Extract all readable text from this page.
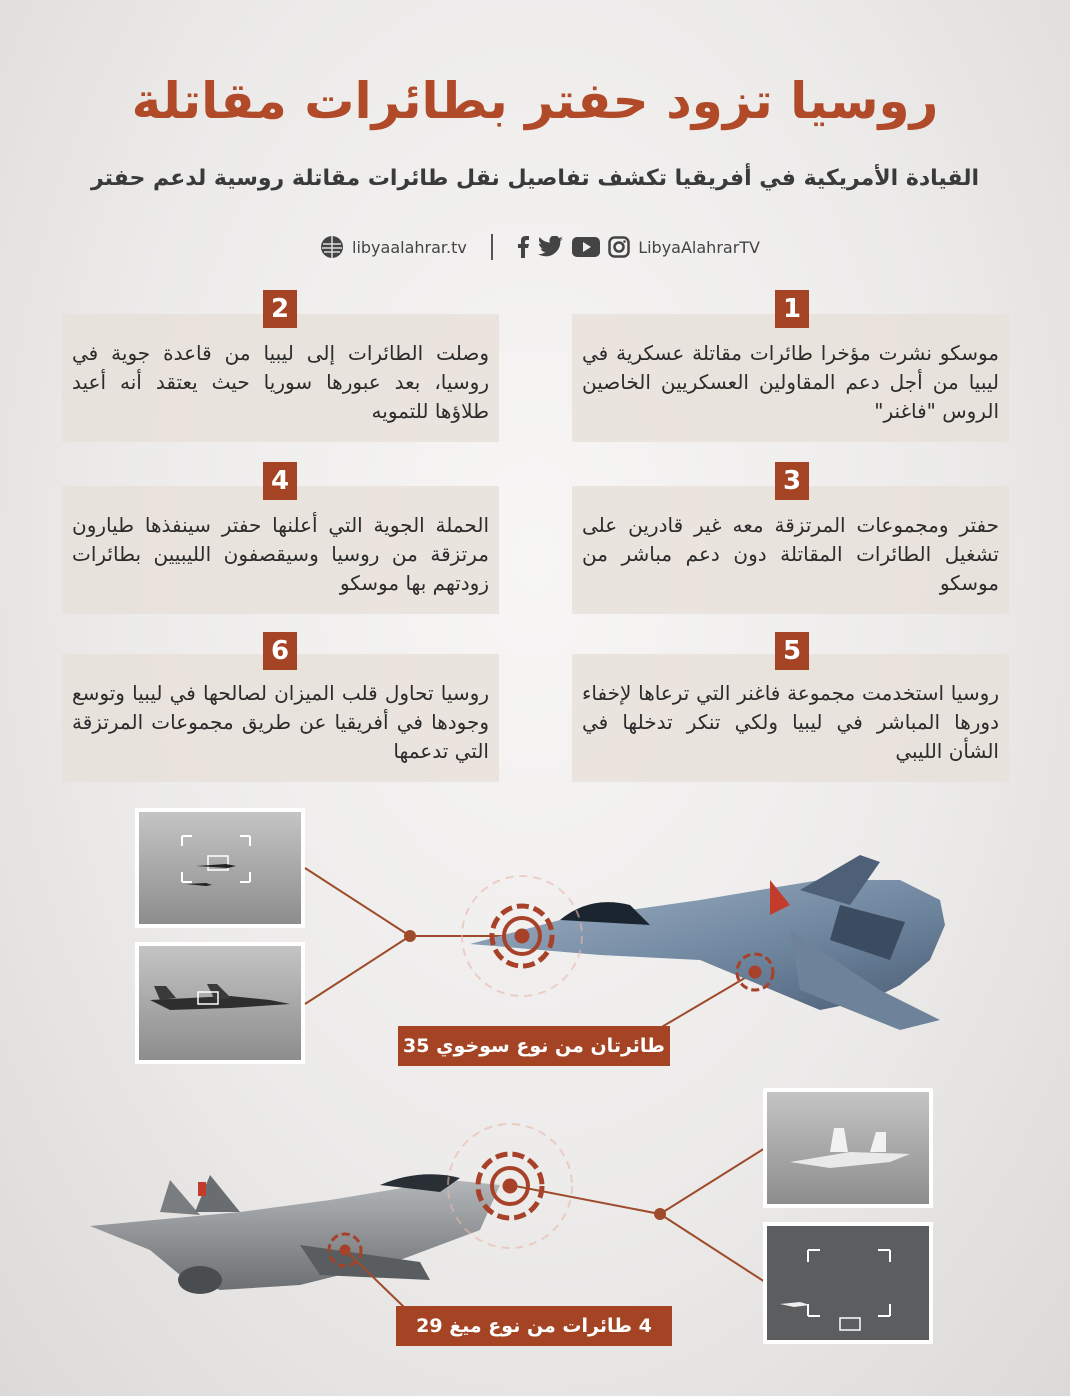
روسيا تزود حفتر بطائرات مقاتلة
القيادة الأمريكية في أفريقيا تكشف تفاصيل نقل طائرات مقاتلة روسية لدعم حفتر
libyaalahrar.tv	LibyaAlahrarTV
موسكو نشرت مؤخرا طائرات مقاتلة عسكرية في ليبيا من أجل دعم المقاولين العسكريين الخاصين الروس "فاغنر"
1
وصلت الطائرات إلى ليبيا من قاعدة جوية في روسيا، بعد عبورها سوريا حيث يعتقد أنه أعيد طلاؤها للتمويه
2
حفتر ومجموعات المرتزقة معه غير قادرين على تشغيل الطائرات المقاتلة دون دعم مباشر من موسكو
3
الحملة الجوية التي أعلنها حفتر سينفذها طيارون مرتزقة من روسيا وسيقصفون الليبيين بطائرات زودتهم بها موسكو
4
روسيا استخدمت مجموعة فاغنر التي ترعاها لإخفاء دورها المباشر في ليبيا ولكي تنكر تدخلها في الشأن الليبي
5
روسيا تحاول قلب الميزان لصالحها في ليبيا وتوسع وجودها في أفريقيا عن طريق مجموعات المرتزقة التي تدعمها
6
طائرتان من نوع سوخوي 35
4 طائرات من نوع ميغ 29
